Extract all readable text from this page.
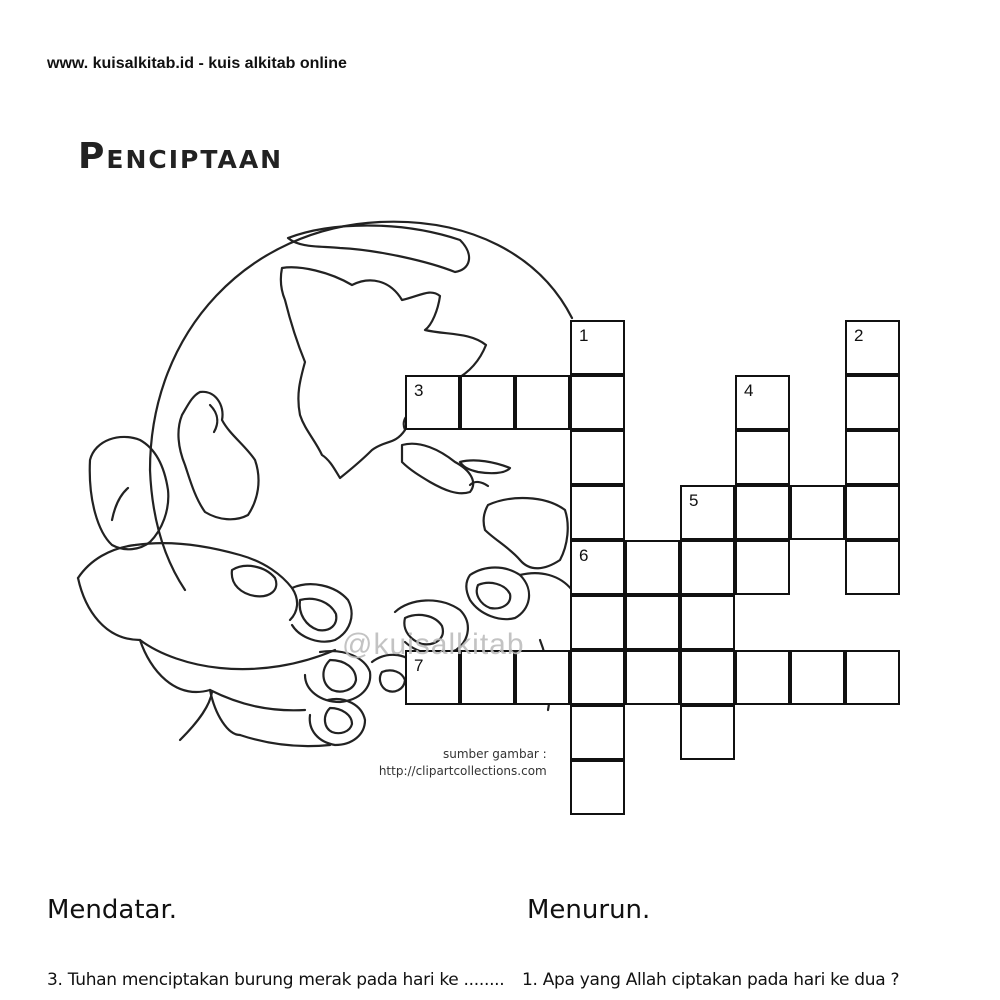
www. kuisalkitab.id - kuis alkitab online
Penciptaan
1
6
3
2
4
5
7
@kuisalkitab
sumber gambar :
http://clipartcollections.com
Mendatar.	Menurun.
3. Tuhan menciptakan burung merak pada hari ke ........ 1. Apa yang Allah ciptakan pada hari ke dua ?
